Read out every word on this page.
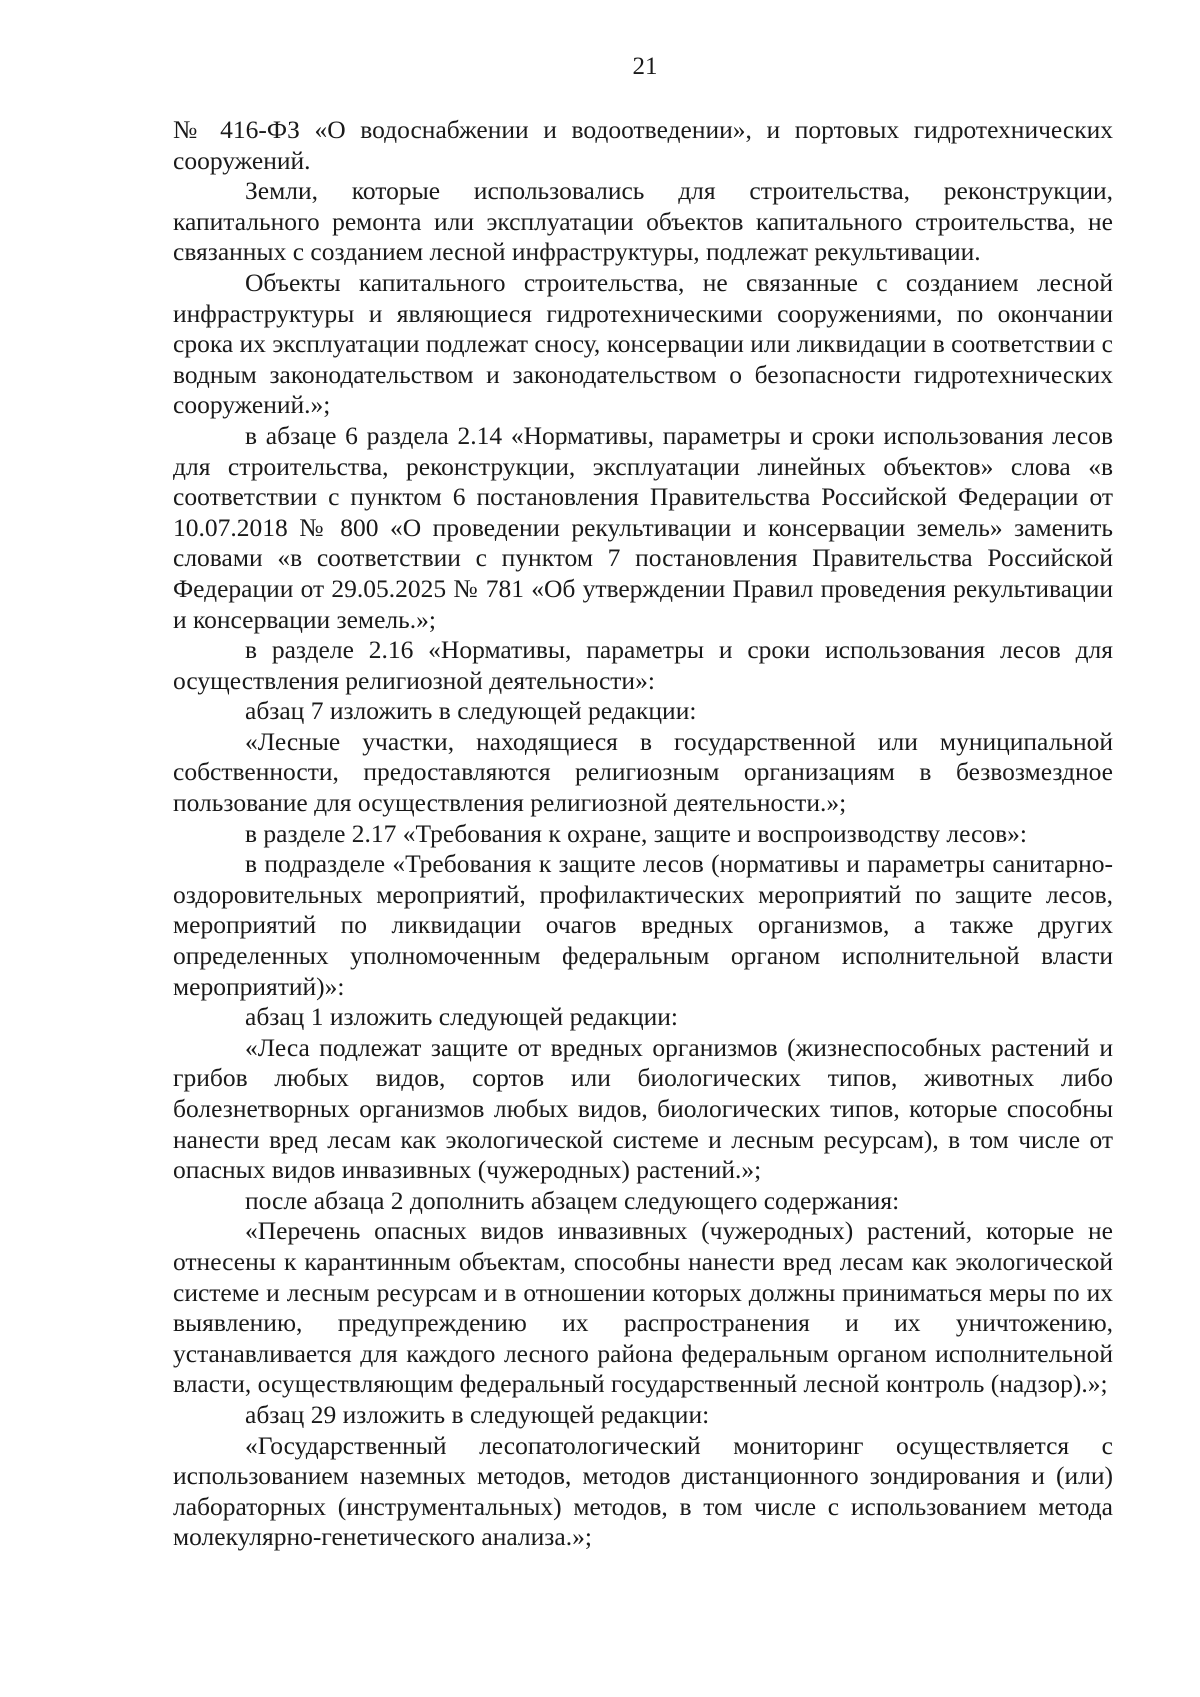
21

№ 416-ФЗ «О водоснабжении и водоотведении», и портовых гидротехнических сооружений.

Земли, которые использовались для строительства, реконструкции, капитального ремонта или эксплуатации объектов капитального строительства, не связанных с созданием лесной инфраструктуры, подлежат рекультивации.

Объекты капитального строительства, не связанные с созданием лесной инфраструктуры и являющиеся гидротехническими сооружениями, по окончании срока их эксплуатации подлежат сносу, консервации или ликвидации в соответствии с водным законодательством и законодательством о безопасности гидротехнических сооружений.»;

в абзаце 6 раздела 2.14 «Нормативы, параметры и сроки использования лесов для строительства, реконструкции, эксплуатации линейных объектов» слова «в соответствии с пунктом 6 постановления Правительства Российской Федерации от 10.07.2018 № 800 «О проведении рекультивации и консервации земель» заменить словами «в соответствии с пунктом 7 постановления Правительства Российской Федерации от 29.05.2025 № 781 «Об утверждении Правил проведения рекультивации и консервации земель.»;

в разделе 2.16 «Нормативы, параметры и сроки использования лесов для осуществления религиозной деятельности»:

абзац 7 изложить в следующей редакции:

«Лесные участки, находящиеся в государственной или муниципальной собственности, предоставляются религиозным организациям в безвозмездное пользование для осуществления религиозной деятельности.»;

в разделе 2.17 «Требования к охране, защите и воспроизводству лесов»:

в подразделе «Требования к защите лесов (нормативы и параметры санитарно-оздоровительных мероприятий, профилактических мероприятий по защите лесов, мероприятий по ликвидации очагов вредных организмов, а также других определенных уполномоченным федеральным органом исполнительной власти мероприятий)»:

абзац 1 изложить следующей редакции:

«Леса подлежат защите от вредных организмов (жизнеспособных растений и грибов любых видов, сортов или биологических типов, животных либо болезнетворных организмов любых видов, биологических типов, которые способны нанести вред лесам как экологической системе и лесным ресурсам), в том числе от опасных видов инвазивных (чужеродных) растений.»;

после абзаца 2 дополнить абзацем следующего содержания:

«Перечень опасных видов инвазивных (чужеродных) растений, которые не отнесены к карантинным объектам, способны нанести вред лесам как экологической системе и лесным ресурсам и в отношении которых должны приниматься меры по их выявлению, предупреждению их распространения и их уничтожению, устанавливается для каждого лесного района федеральным органом исполнительной власти, осуществляющим федеральный государственный лесной контроль (надзор).»;

абзац 29 изложить в следующей редакции:

«Государственный лесопатологический мониторинг осуществляется с использованием наземных методов, методов дистанционного зондирования и (или) лабораторных (инструментальных) методов, в том числе с использованием метода молекулярно-генетического анализа.»;
